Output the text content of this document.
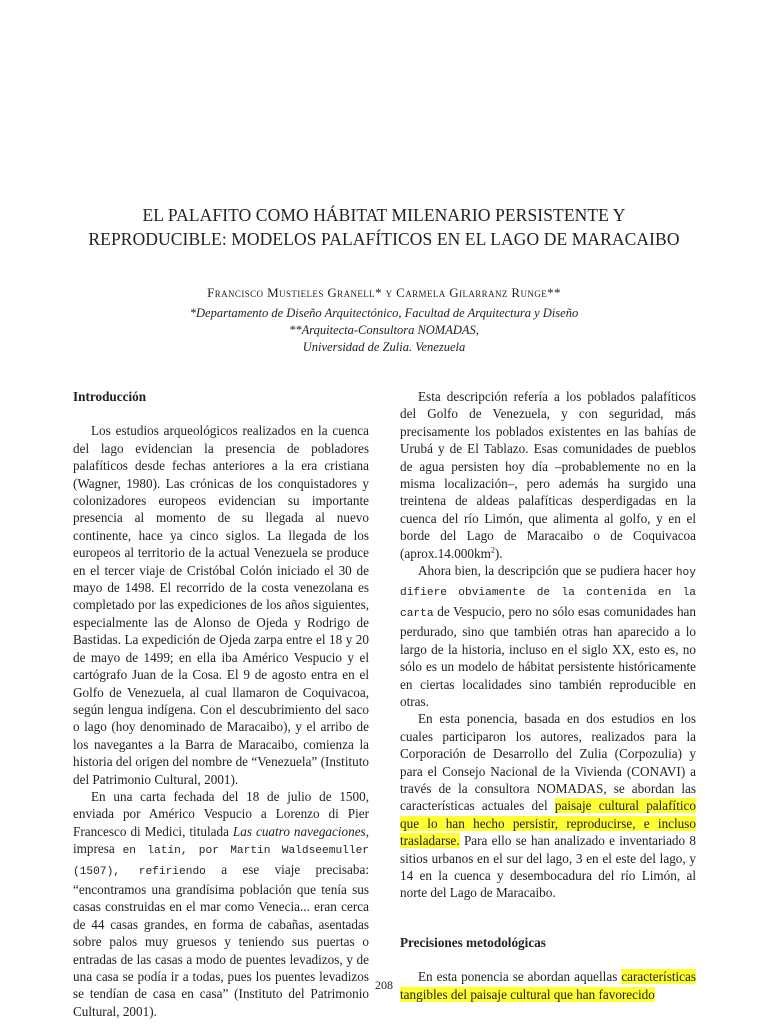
EL PALAFITO COMO HÁBITAT MILENARIO PERSISTENTE Y
REPRODUCIBLE: MODELOS PALAFÍTICOS EN EL LAGO DE MARACAIBO
Francisco Mustieles Granell* y Carmela Gilarranz Runge**
*Departamento de Diseño Arquitectónico, Facultad de Arquitectura y Diseño
**Arquitecta-Consultora NOMADAS,
Universidad de Zulia. Venezuela

Introducción

Los estudios arqueológicos realizados en la cuenca del lago evidencian la presencia de pobladores palafíticos desde fechas anteriores a la era cristiana (Wagner, 1980). Las crónicas de los conquistadores y colonizadores europeos evidencian su importante presencia al momento de su llegada al nuevo continente, hace ya cinco siglos. La llegada de los europeos al territorio de la actual Venezuela se produce en el tercer viaje de Cristóbal Colón iniciado el 30 de mayo de 1498. El recorrido de la costa venezolana es completado por las expediciones de los años siguientes, especialmente las de Alonso de Ojeda y Rodrigo de Bastidas. La expedición de Ojeda zarpa entre el 18 y 20 de mayo de 1499; en ella iba Américo Vespucio y el cartógrafo Juan de la Cosa. El 9 de agosto entra en el Golfo de Venezuela, al cual llamaron de Coquivacoa, según lengua indígena. Con el descubrimiento del saco o lago (hoy denominado de Maracaibo), y el arribo de los navegantes a la Barra de Maracaibo, comienza la historia del origen del nombre de “Venezuela” (Instituto del Patrimonio Cultural, 2001).

En una carta fechada del 18 de julio de 1500, enviada por Américo Vespucio a Lorenzo di Pier Francesco di Medici, titulada Las cuatro navegaciones, impresa en latín, por Martin Waldseemuller (1507), refiriendo a ese viaje precisaba: “encontramos una grandísima población que tenía sus casas construidas en el mar como Venecia... eran cerca de 44 casas grandes, en forma de cabañas, asentadas sobre palos muy gruesos y teniendo sus puertas o entradas de las casas a modo de puentes levadizos, y de una casa se podía ir a todas, pues los puentes levadizos se tendían de casa en casa” (Instituto del Patrimonio Cultural, 2001).

Esta descripción refería a los poblados palafíticos del Golfo de Venezuela, y con seguridad, más precisamente los poblados existentes en las bahías de Urubá y de El Tablazo. Esas comunidades de pueblos de agua persisten hoy día –probablemente no en la misma localización–, pero además ha surgido una treintena de aldeas palafíticas desperdigadas en la cuenca del río Limón, que alimenta al golfo, y en el borde del Lago de Maracaibo o de Coquivacoa $(aprox.14.000km^2)$.

Ahora bien, la descripción que se pudiera hacer hoy difiere obviamente de la contenida en la carta de Vespucio, pero no sólo esas comunidades han perdurado, sino que también otras han aparecido a lo largo de la historia, incluso en el siglo XX, esto es, no sólo es un modelo de hábitat persistente históricamente en ciertas localidades sino también reproducible en otras.

En esta ponencia, basada en dos estudios en los cuales participaron los autores, realizados para la Corporación de Desarrollo del Zulia (Corpozulia) y para el Consejo Nacional de la Vivienda (CONAVI) a través de la consultora NOMADAS, se abordan las características actuales del paisaje cultural palafítico que lo han hecho persistir, reproducirse, e incluso trasladarse. Para ello se han analizado e inventariado 8 sitios urbanos en el sur del lago, 3 en el este del lago, y 14 en la cuenca y desembocadura del río Limón, al norte del Lago de Maracaibo.

Precisiones metodológicas

En esta ponencia se abordan aquellas características tangibles del paisaje cultural que han favorecido

208
